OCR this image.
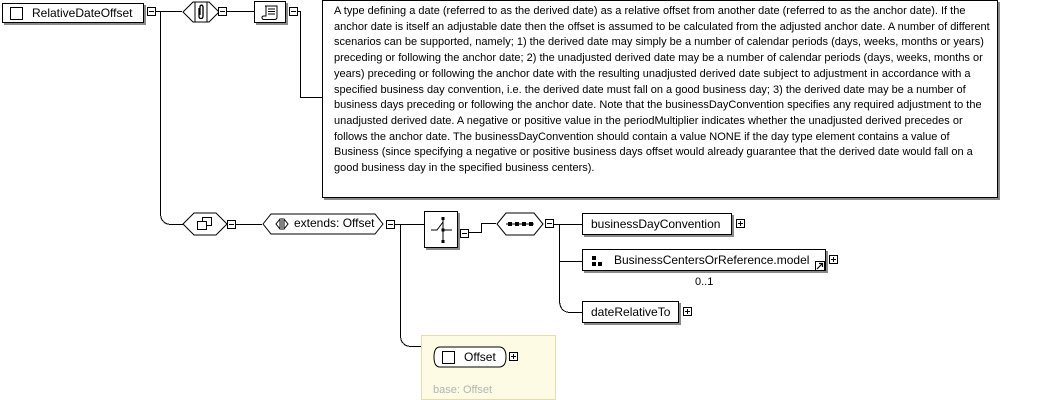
RelativeDateOffset	A type defining a date (referred to as the derived date) as a relative offset from another date (referred to as the anchor date). If the anchor date is itself an adjustable date then the offset is assumed to be calculated from the adjusted anchor date. A number of different scenarios can be supported, namely; 1) the derived date may simply be a number of calendar periods (days, weeks, months or years) preceding or following the anchor date; 2) the unadjusted derived date may be a number of calendar periods (days, weeks, months or years) preceding or following the anchor date with the resulting unadjusted derived date subject to adjustment in accordance with a specified business day convention, i.e. the derived date must fall on a good business day; 3) the derived date may be a number of business days preceding or following the anchor date. Note that the businessDayConvention specifies any required adjustment to the unadjusted derived date. A negative or positive value in the periodMultiplier indicates whether the unadjusted derived precedes or follows the anchor date. The businessDayConvention should contain a value NONE if the day type element contains a value of Business (since specifying a negative or positive business days offset would already guarantee that the derived date would fall on a good business day in the specified business centers).
extends: Offset	businessDayConvention
BusinessCentersOrReference.model
0..1
dateRelativeTo
base: Offset
Offset
